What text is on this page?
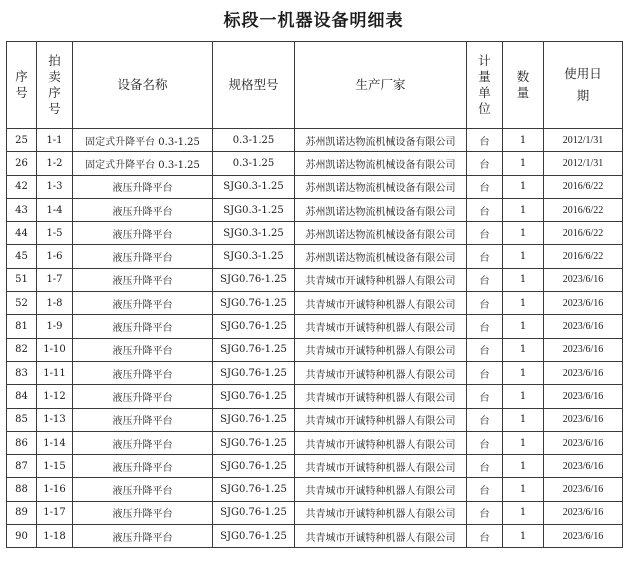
标段一机器设备明细表
序号	拍卖序号	设备名称	规格型号	生产厂家	计量单位	数量	使用日期
25	1-1	固定式升降平台 0.3-1.25	0.3-1.25	苏州凯诺达物流机械设备有限公司	台	1	2012/1/31
26	1-2	固定式升降平台 0.3-1.25	0.3-1.25	苏州凯诺达物流机械设备有限公司	台	1	2012/1/31
42	1-3	液压升降平台	SJG0.3-1.25	苏州凯诺达物流机械设备有限公司	台	1	2016/6/22
43	1-4	液压升降平台	SJG0.3-1.25	苏州凯诺达物流机械设备有限公司	台	1	2016/6/22
44	1-5	液压升降平台	SJG0.3-1.25	苏州凯诺达物流机械设备有限公司	台	1	2016/6/22
45	1-6	液压升降平台	SJG0.3-1.25	苏州凯诺达物流机械设备有限公司	台	1	2016/6/22
51	1-7	液压升降平台	SJG0.76-1.25	共青城市开诚特种机器人有限公司	台	1	2023/6/16
52	1-8	液压升降平台	SJG0.76-1.25	共青城市开诚特种机器人有限公司	台	1	2023/6/16
81	1-9	液压升降平台	SJG0.76-1.25	共青城市开诚特种机器人有限公司	台	1	2023/6/16
82	1-10	液压升降平台	SJG0.76-1.25	共青城市开诚特种机器人有限公司	台	1	2023/6/16
83	1-11	液压升降平台	SJG0.76-1.25	共青城市开诚特种机器人有限公司	台	1	2023/6/16
84	1-12	液压升降平台	SJG0.76-1.25	共青城市开诚特种机器人有限公司	台	1	2023/6/16
85	1-13	液压升降平台	SJG0.76-1.25	共青城市开诚特种机器人有限公司	台	1	2023/6/16
86	1-14	液压升降平台	SJG0.76-1.25	共青城市开诚特种机器人有限公司	台	1	2023/6/16
87	1-15	液压升降平台	SJG0.76-1.25	共青城市开诚特种机器人有限公司	台	1	2023/6/16
88	1-16	液压升降平台	SJG0.76-1.25	共青城市开诚特种机器人有限公司	台	1	2023/6/16
89	1-17	液压升降平台	SJG0.76-1.25	共青城市开诚特种机器人有限公司	台	1	2023/6/16
90	1-18	液压升降平台	SJG0.76-1.25	共青城市开诚特种机器人有限公司	台	1	2023/6/16
